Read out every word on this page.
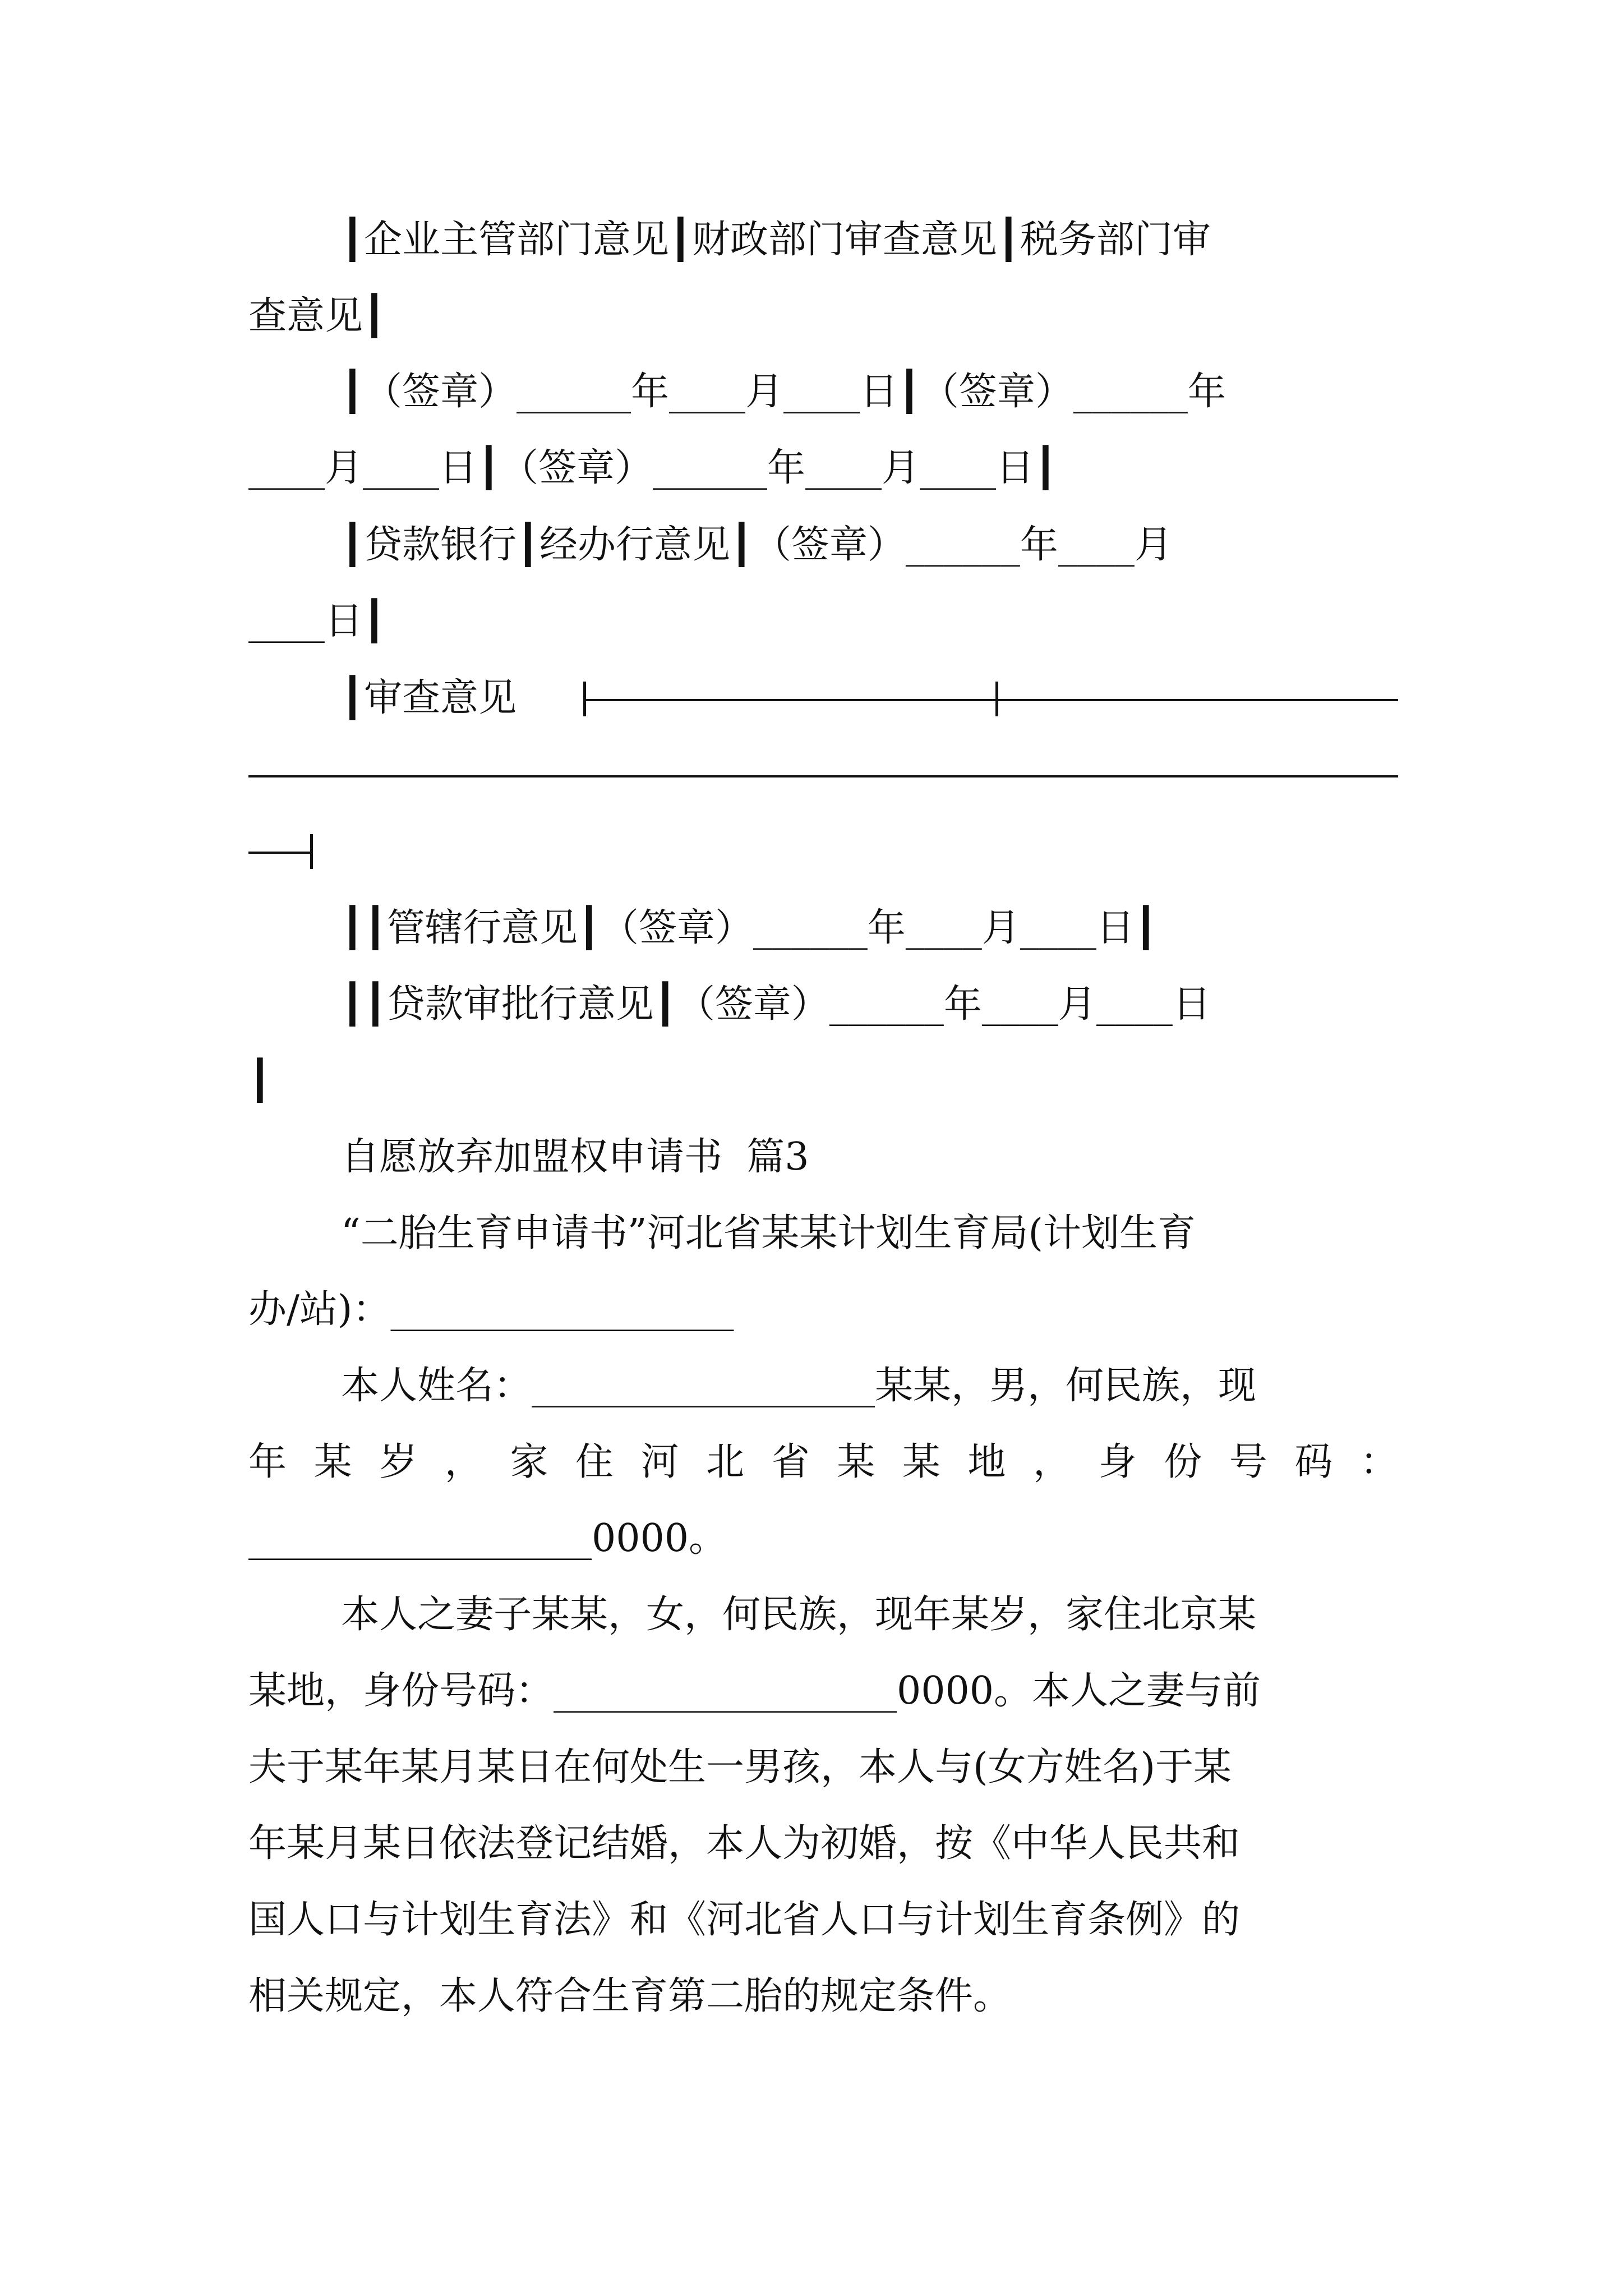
┃企业主管部门意见┃财政部门审查意见┃税务部门审
查意见┃
┃（签章）______年____月____日┃（签章）______年
____月____日┃（签章）______年____月____日┃
┃贷款银行┃经办行意见┃（签章）______年____月
____日┃
┃审查意见
┃┃管辖行意见┃（签章）______年____月____日┃
┃┃贷款审批行意见┃（签章）______年____月____日
┃
自愿放弃加盟权申请书  篇3
“二胎生育申请书”河北省某某计划生育局(计划生育
办/站)：__________________
本人姓名：__________________某某，男，何民族，现
年某岁，家住河北省某某地，身份号码：
__________________0000。
本人之妻子某某，女，何民族，现年某岁，家住北京某
某地，身份号码：__________________0000。本人之妻与前
夫于某年某月某日在何处生一男孩，本人与(女方姓名)于某
年某月某日依法登记结婚，本人为初婚，按《中华人民共和
国人口与计划生育法》和《河北省人口与计划生育条例》的
相关规定，本人符合生育第二胎的规定条件。
